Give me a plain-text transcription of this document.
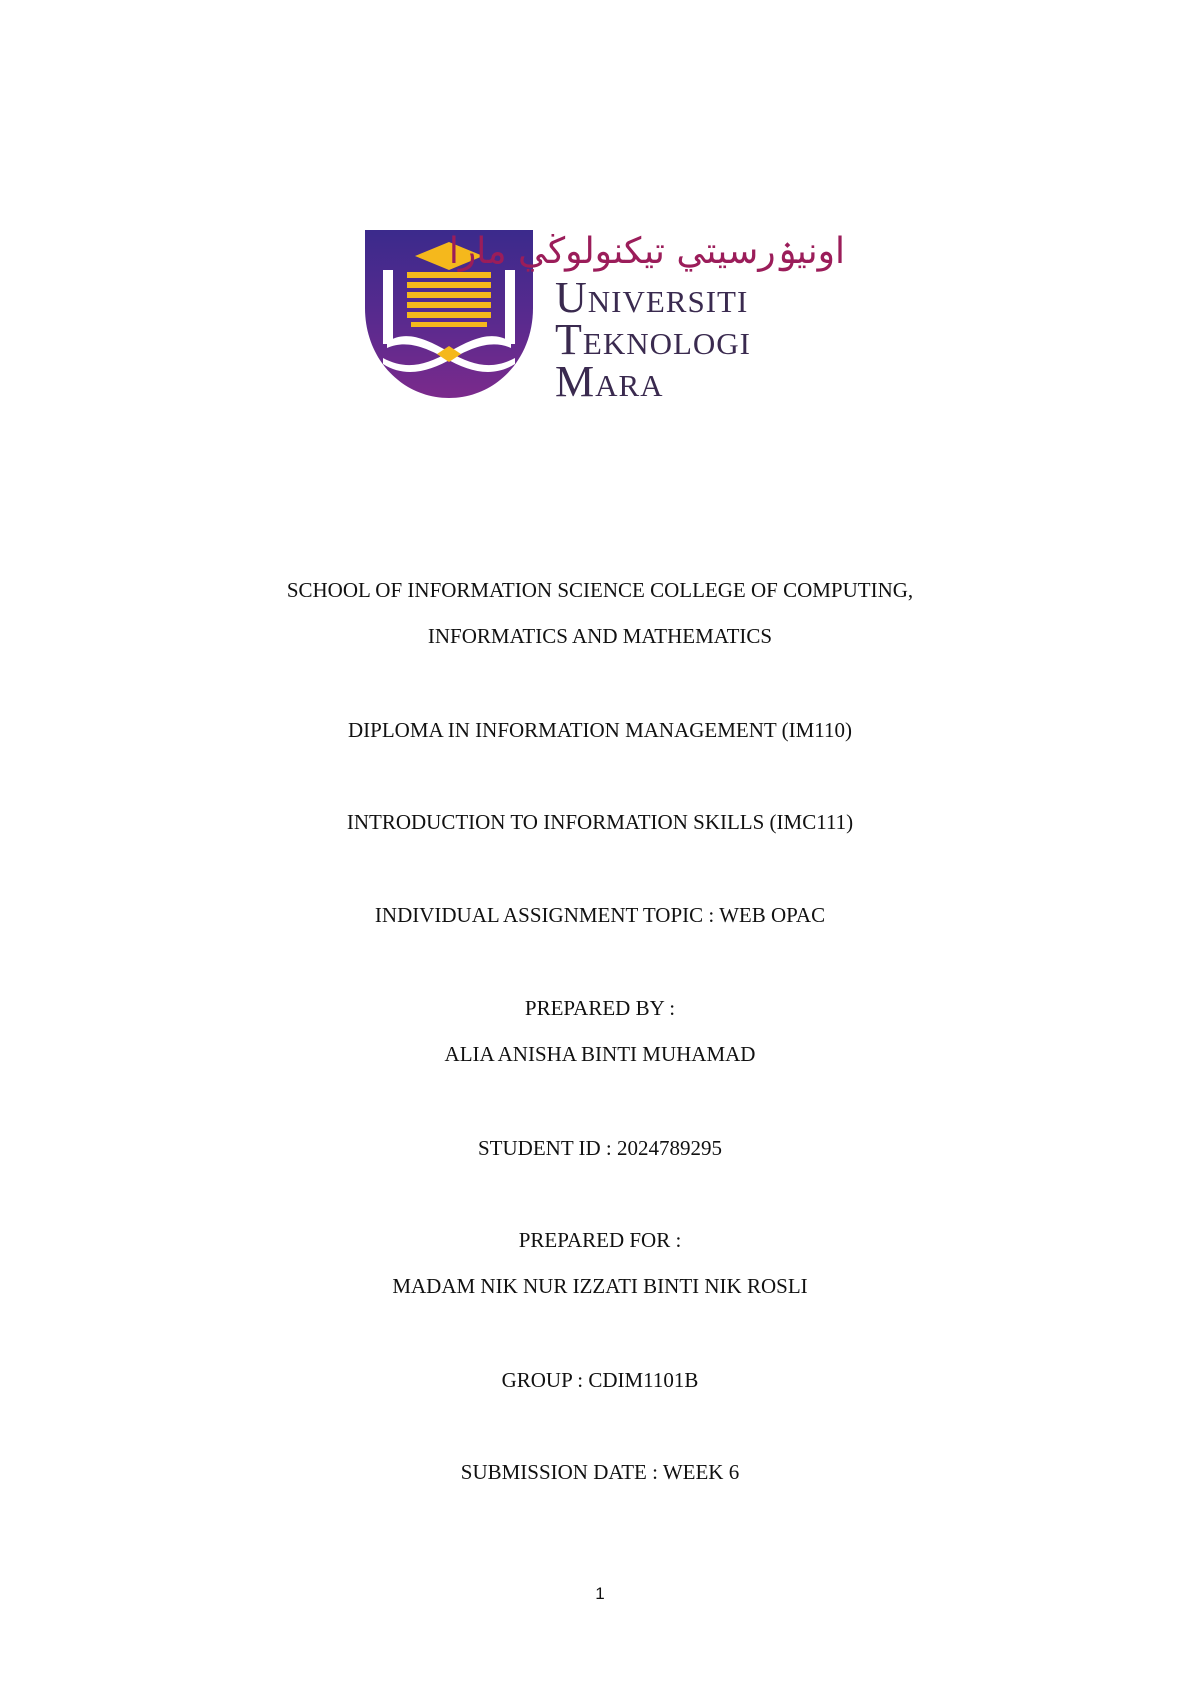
اونيۏرسيتي تيكنولوڬي مارا
Universiti
Teknologi
Mara
SCHOOL OF INFORMATION SCIENCE COLLEGE OF COMPUTING,
INFORMATICS AND MATHEMATICS
DIPLOMA IN INFORMATION MANAGEMENT (IM110)
INTRODUCTION TO INFORMATION SKILLS (IMC111)
INDIVIDUAL ASSIGNMENT TOPIC : WEB OPAC
PREPARED BY :
ALIA ANISHA BINTI MUHAMAD
STUDENT ID : 2024789295
PREPARED FOR :
MADAM NIK NUR IZZATI BINTI NIK ROSLI
GROUP : CDIM1101B
SUBMISSION DATE : WEEK 6
1
